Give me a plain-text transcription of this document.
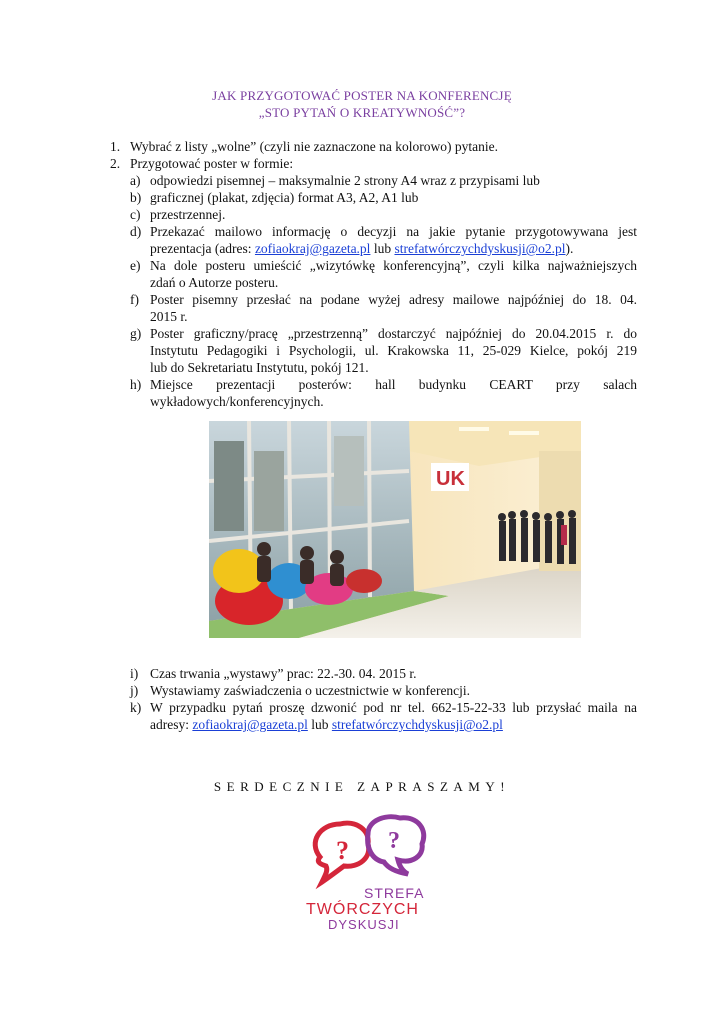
JAK PRZYGOTOWAĆ POSTER NA KONFERENCJĘ
„STO PYTAŃ O KREATYWNOŚĆ”?
1. Wybrać z listy „wolne” (czyli nie zaznaczone na kolorowo) pytanie.
2. Przygotować poster w formie:
a) odpowiedzi pisemnej – maksymalnie 2 strony A4 wraz z przypisami lub
b) graficznej (plakat, zdjęcia) format A3, A2, A1 lub
c) przestrzennej.
d) Przekazać mailowo informację o decyzji na jakie pytanie przygotowywana jest
prezentacja (adres: zofiaokraj@gazeta.pl lub strefatwórczychdyskusji@o2.pl).
e) Na dole posteru umieścić „wizytówkę konferencyjną”, czyli kilka najważniejszych
zdań o Autorze posteru.
f) Poster pisemny przesłać na podane wyżej adresy mailowe najpóźniej do 18. 04.
2015 r.
g) Poster graficzny/pracę „przestrzenną” dostarczyć najpóźniej do 20.04.2015 r. do
Instytutu Pedagogiki i Psychologii, ul. Krakowska 11, 25-029 Kielce, pokój 219
lub do Sekretariatu Instytutu, pokój 121.
h) Miejsce prezentacji posterów: hall budynku CEART przy salach
wykładowych/konferencyjnych.
UK
i) Czas trwania „wystawy” prac: 22.-30. 04. 2015 r.
j) Wystawiamy zaświadczenia o uczestnictwie w konferencji.
k) W przypadku pytań proszę dzwonić pod nr tel. 662-15-22-33 lub przysłać maila na
adresy: zofiaokraj@gazeta.pl lub strefatwórczychdyskusji@o2.pl
SERDECZNIE ZAPRASZAMY!
? ?
STREFA
TWÓRCZYCH
DYSKUSJI
